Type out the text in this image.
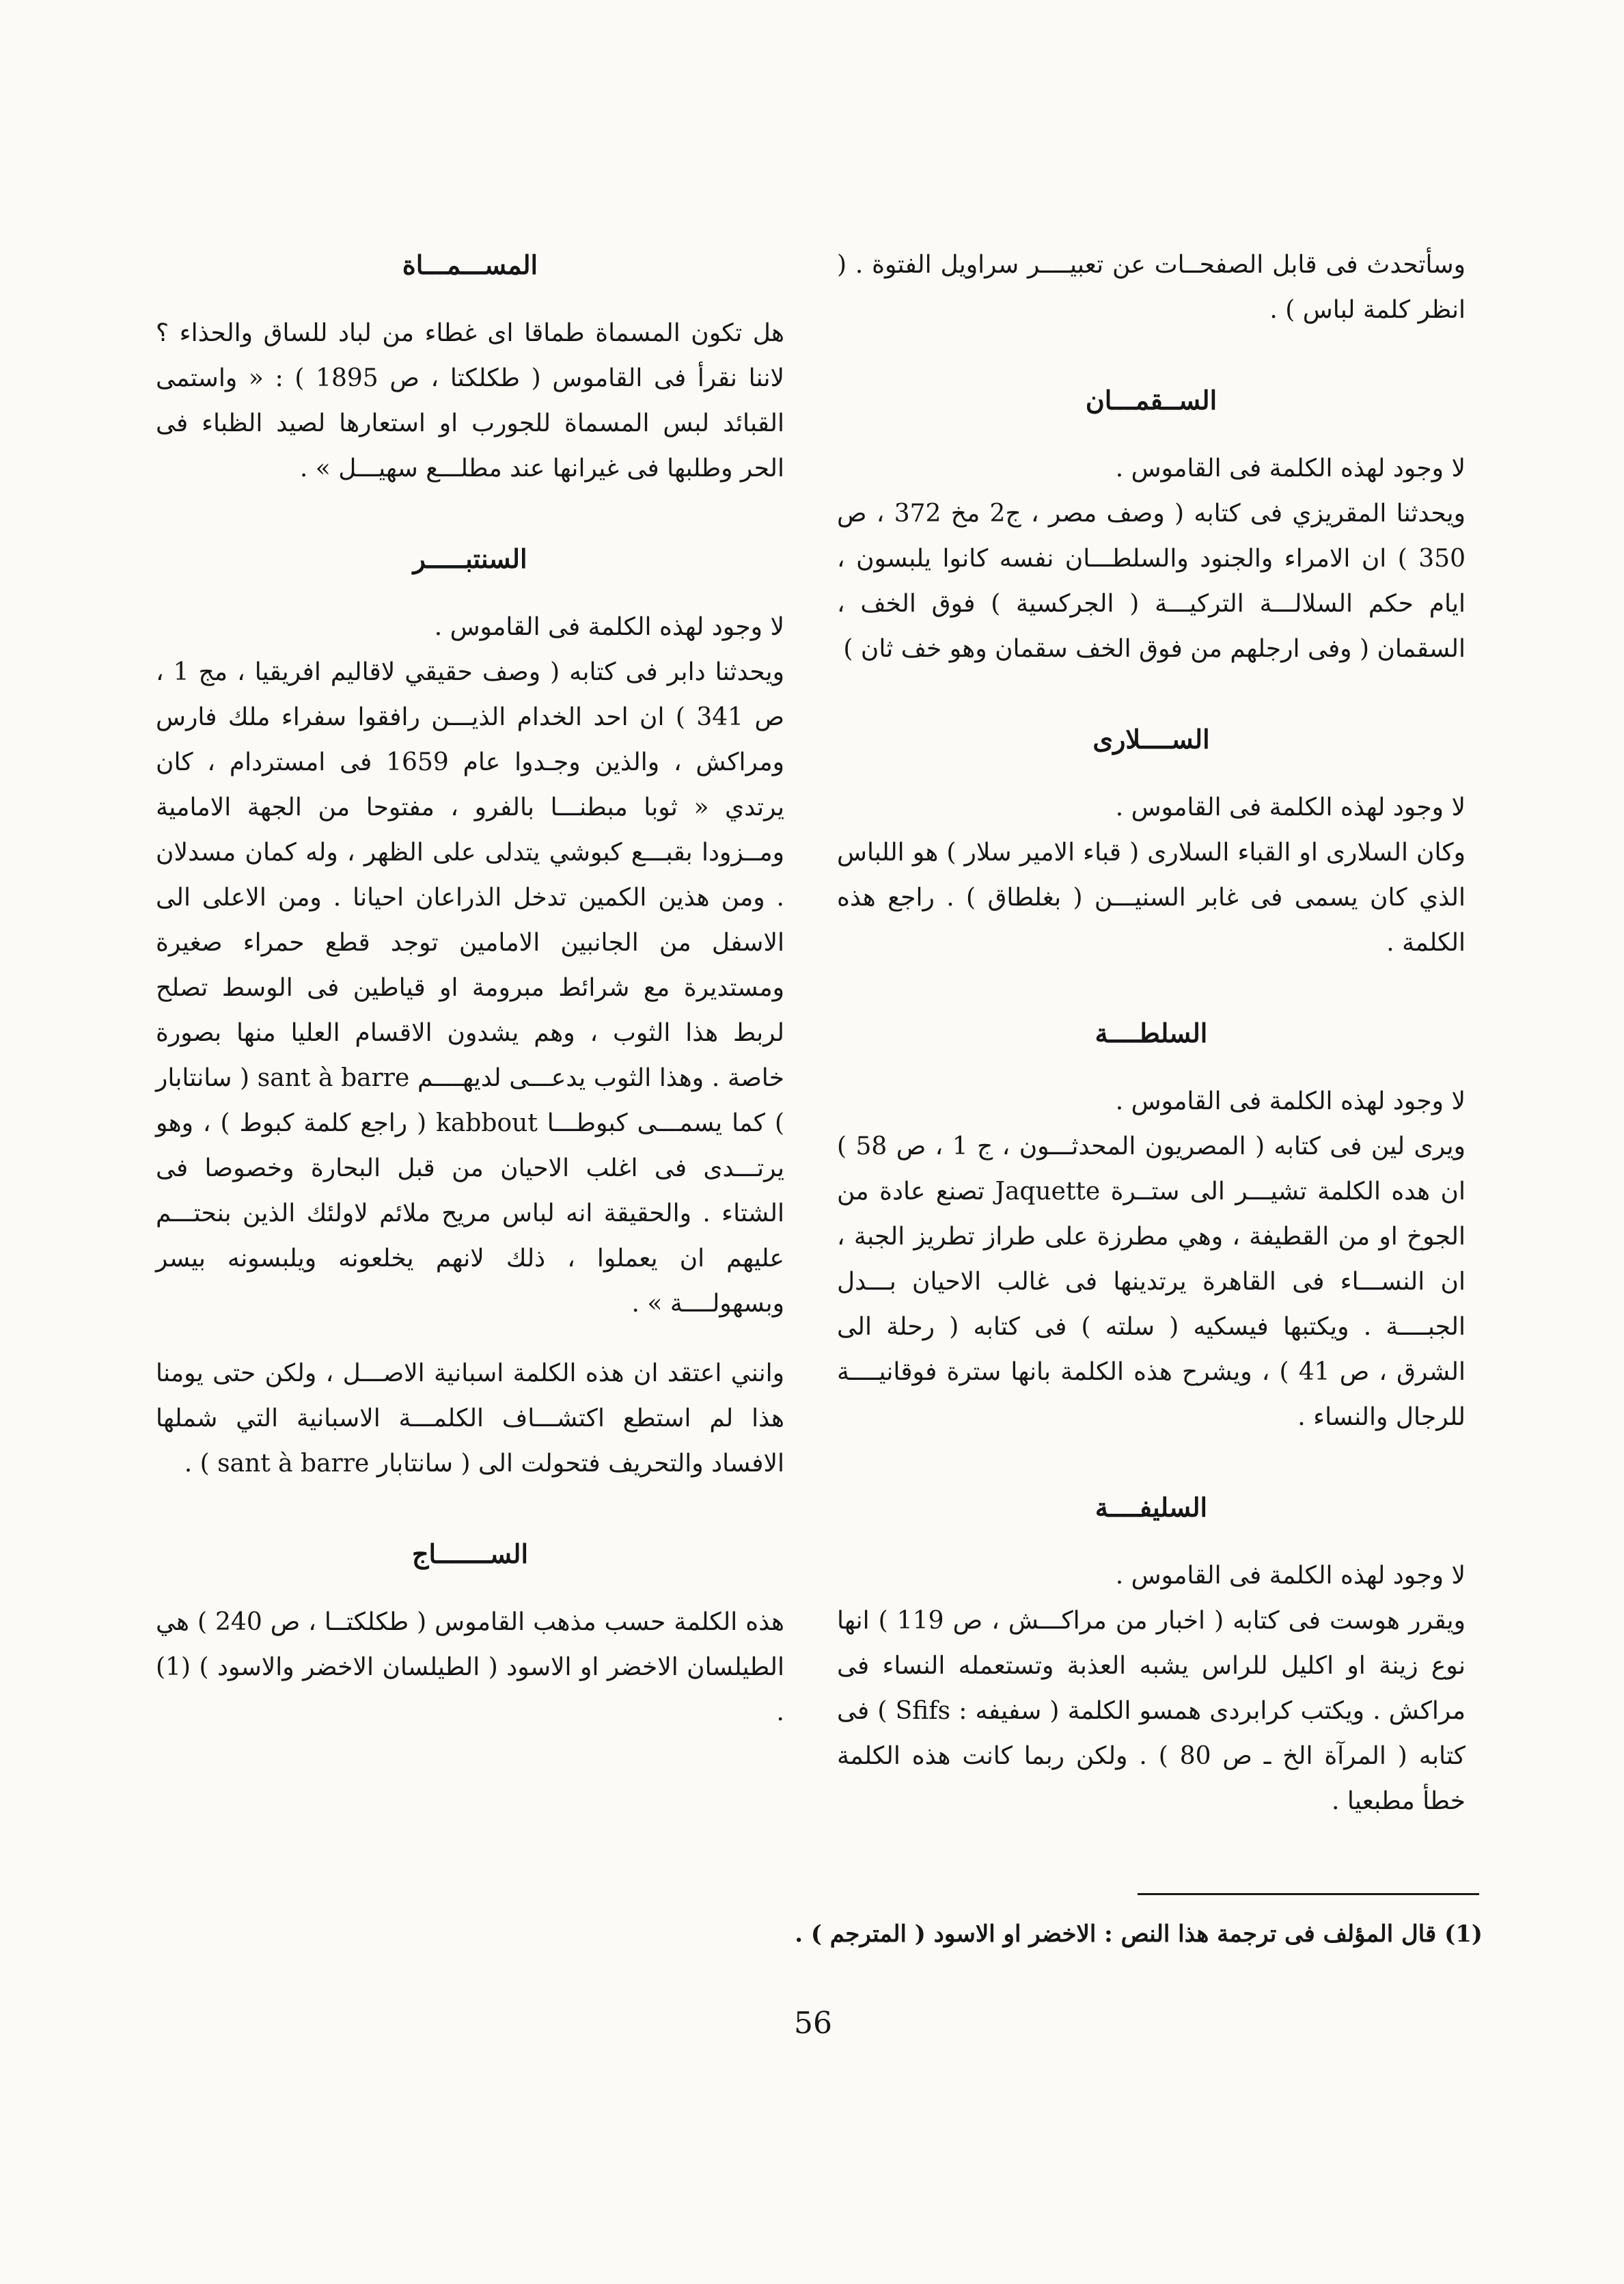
وسأتحدث فى قابل الصفحــات عن تعبيــــر سراويل الفتوة . ( انظر كلمة لباس ) .

الســقمـــان

لا وجود لهذه الكلمة فى القاموس .

ويحدثنا المقريزي فى كتابه ( وصف مصر ، ج2 مخ 372 ، ص 350 ) ان الامراء والجنود والسلطـــان نفسه كانوا يلبسون ، ايام حكم السلالـــة التركيـــة ( الجركسية ) فوق الخف ، السقمان ( وفى ارجلهم من فوق الخف سقمان وهو خف ثان )

الســــلارى

لا وجود لهذه الكلمة فى القاموس .

وكان السلارى او القباء السلارى ( قباء الامير سلار ) هو اللباس الذي كان يسمى فى غابر السنيـــن ( بغلطاق ) . راجع هذه الكلمة .

السلطــــة

لا وجود لهذه الكلمة فى القاموس .

ويرى لين فى كتابه ( المصريون المحدثـــون ، ج 1 ، ص 58 ) ان هده الكلمة تشيـــر الى ستــرة Jaquette تصنع عادة من الجوخ او من القطيفة ، وهي مطرزة على طراز تطريز الجبة ، ان النســـاء فى القاهرة يرتدينها فى غالب الاحيان بـــدل الجبــــة . ويكتبها فيسكيه ( سلته ) فى كتابه ( رحلة الى الشرق ، ص 41 ) ، ويشرح هذه الكلمة بانها سترة فوقانيــــة للرجال والنساء .

السليفــــة

لا وجود لهذه الكلمة فى القاموس .

ويقرر هوست فى كتابه ( اخبار من مراكـــش ، ص 119 ) انها نوع زينة او اكليل للراس يشبه العذبة وتستعمله النساء فى مراكش . ويكتب كرابردى همسو الكلمة ( سفيفه : Sfifs ) فى كتابه ( المرآة الخ ـ ص 80 ) . ولكن ربما كانت هذه الكلمة خطأ مطبعيا .

المســـمـــاة

هل تكون المسماة طماقا اى غطاء من لباد للساق والحذاء ؟ لاننا نقرأ فى القاموس ( طكلكتا ، ص 1895 ) : « واستمى القبائد لبس المسماة للجورب او استعارها لصيد الظباء فى الحر وطلبها فى غيرانها عند مطلـــع سهيـــل » .

السنتبـــــر

لا وجود لهذه الكلمة فى القاموس .

ويحدثنا دابر فى كتابه ( وصف حقيقي لاقاليم افريقيا ، مج 1 ، ص 341 ) ان احد الخدام الذيـــن رافقوا سفراء ملك فارس ومراكش ، والذين وجـدوا عام 1659 فى امستردام ، كان يرتدي « ثوبا مبطنـــا بالفرو ، مفتوحا من الجهة الامامية ومــزودا بقبـــع كبوشي يتدلى على الظهر ، وله كمان مسدلان . ومن هذين الكمين تدخل الذراعان احيانا . ومن الاعلى الى الاسفل من الجانبين الامامين توجد قطع حمراء صغيرة ومستديرة مع شرائط مبرومة او قياطين فى الوسط تصلح لربط هذا الثوب ، وهم يشدون الاقسام العليا منها بصورة خاصة . وهذا الثوب يدعـــى لديهــــم sant à barre ( سانتابار ) كما يسمـــى كبوطـــا kabbout ( راجع كلمة كبوط ) ، وهو يرتـــدى فى اغلب الاحيان من قبل البحارة وخصوصا فى الشتاء . والحقيقة انه لباس مريح ملائم لاولئك الذين بنحتـــم عليهم ان يعملوا ، ذلك لانهم يخلعونه ويلبسونه بيسر وبسهولــــة » .

وانني اعتقد ان هذه الكلمة اسبانية الاصـــل ، ولكن حتى يومنا هذا لم استطع اكتشـــاف الكلمـــة الاسبانية التي شملها الافساد والتحريف فتحولت الى ( سانتابار sant à barre ) .

الســـــــاج

هذه الكلمة حسب مذهب القاموس ( طكلكتــا ، ص 240 ) هي الطيلسان الاخضر او الاسود ( الطيلسان الاخضر والاسود ) (1) .

(1) قال المؤلف فى ترجمة هذا النص : الاخضر او الاسود ( المترجم ) .
56
